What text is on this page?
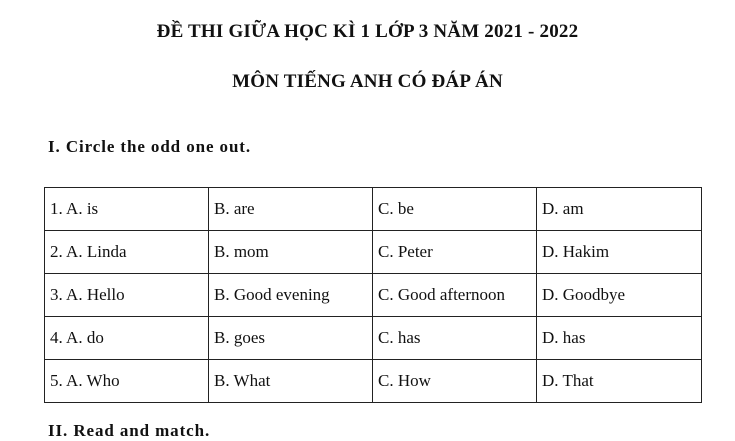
ĐỀ THI GIỮA HỌC KÌ 1 LỚP 3 NĂM 2021 - 2022
MÔN TIẾNG ANH CÓ ĐÁP ÁN
I. Circle the odd one out.
1. A. is	B. are	C. be	D. am
2. A. Linda	B. mom	C. Peter	D. Hakim
3. A. Hello	B. Good evening	C. Good afternoon	D. Goodbye
4. A. do	B. goes	C. has	D. has
5. A. Who	B. What	C. How	D. That
II. Read and match.
